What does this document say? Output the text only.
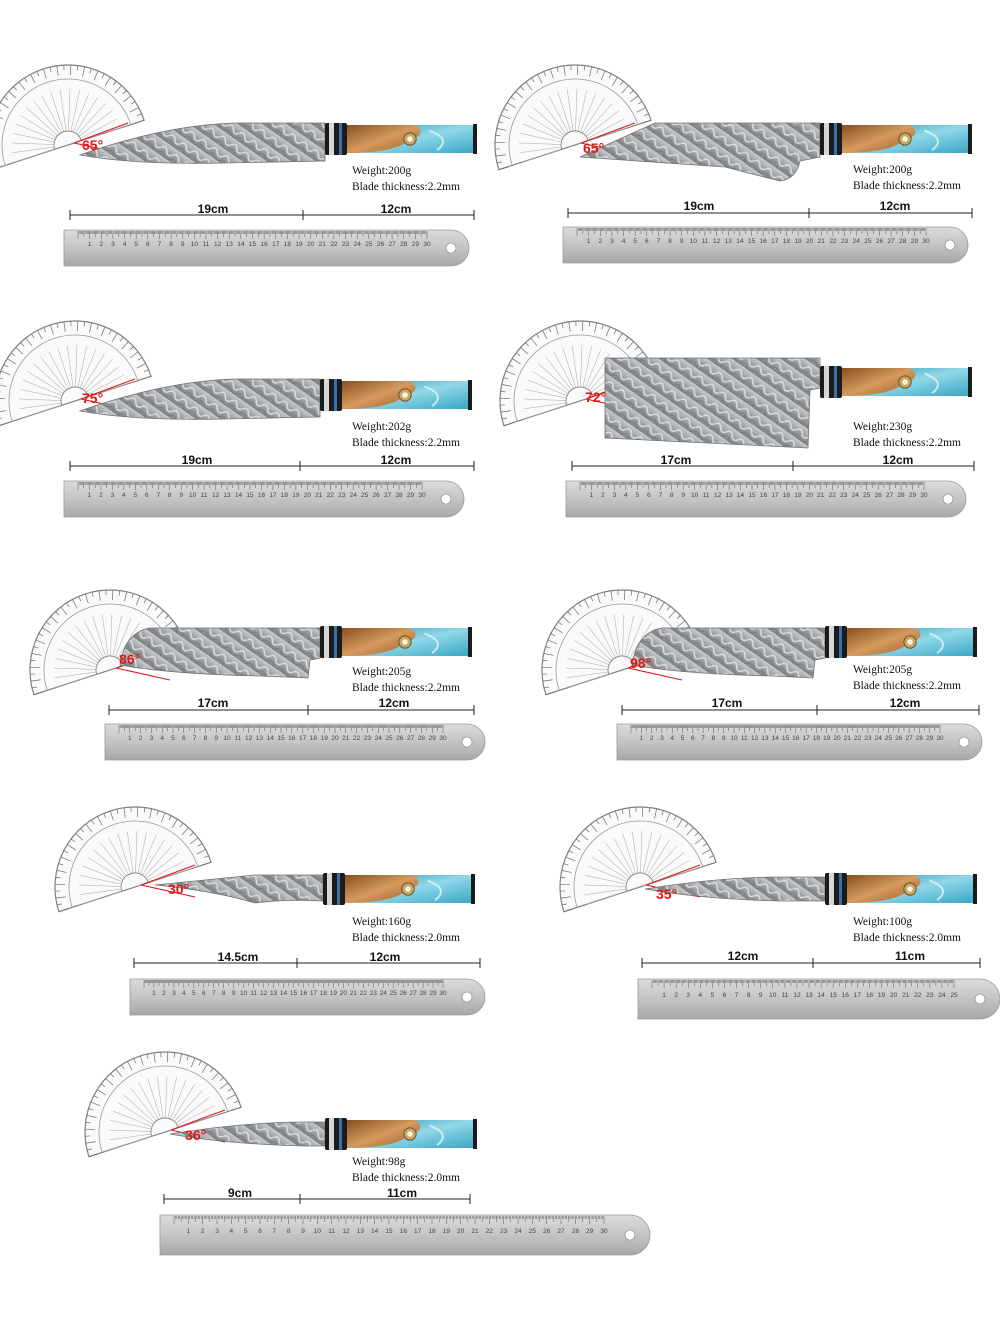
1 2 3 4 5 6 7 8 9 10 11 12 13 14 15 16 17 18 19 20 21 22 23 24 25 26 27 28 29 30
65°
Weight:200g
Blade thickness:2.2mm
19cm	12cm
1 2 3 4 5 6 7 8 9 10 11 12 13 14 15 16 17 18 19 20 21 22 23 24 25 26 27 28 29 30
65°
Weight:200g
Blade thickness:2.2mm
19cm	12cm
1 2 3 4 5 6 7 8 9 10 11 12 13 14 15 16 17 18 19 20 21 22 23 24 25 26 27 28 29 30
75°
Weight:202g
Blade thickness:2.2mm
19cm	12cm
1 2 3 4 5 6 7 8 9 10 11 12 13 14 15 16 17 18 19 20 21 22 23 24 25 26 27 28 29 30
72°
Weight:230g
Blade thickness:2.2mm
17cm	12cm
1 2 3 4 5 6 7 8 9 10 11 12 13 14 15 16 17 18 19 20 21 22 23 24 25 26 27 28 29 30
86°
Weight:205g
Blade thickness:2.2mm
17cm	12cm
1 2 3 4 5 6 7 8 9 10 11 12 13 14 15 16 17 18 19 20 21 22 23 24 25 26 27 28 29 30
98°	Weight:205g
Blade thickness:2.2mm
17cm	12cm
1 2 3 4 5 6 7 8 9 10 11 12 13 14 15 16 17 18 19 20 21 22 23 24 25 26 27 28 29 30
30°
Weight:160g
Blade thickness:2.0mm
14.5cm	12cm
1 2 3 4 5 6 7 8 9 10 11 12 13 14 15 16 17 18 19 20 21 22 23 24 25
35°
Weight:100g
Blade thickness:2.0mm
12cm	11cm
1 2 3 4 5 6 7 8 9 10 11 12 13 14 15 16 17 18 19 20 21 22 23 24 25 26 27 28 29 30
36°
Weight:98g
Blade thickness:2.0mm
9cm	11cm
